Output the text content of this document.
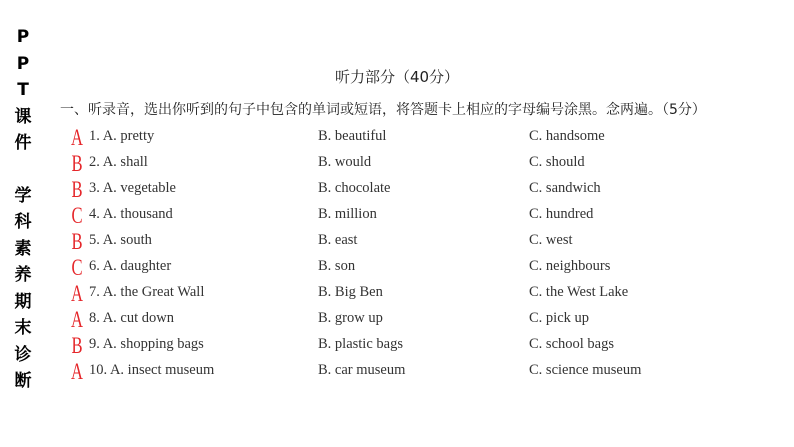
P
P
T
课
件
学
科
素
养
期
末
诊
断
听力部分（40分）
一、听录音，选出你听到的句子中包含的单词或短语，将答题卡上相应的字母编号涂黑。念两遍。（5分）
A 1. A. pretty	B. beautiful	C. handsome
B 2. A. shall	B. would	C. should
B 3. A. vegetable	B. chocolate	C. sandwich
C 4. A. thousand	B. million	C. hundred
B 5. A. south	B. east	C. west
C 6. A. daughter	B. son	C. neighbours
A 7. A. the Great Wall	B. Big Ben	C. the West Lake
A 8. A. cut down	B. grow up	C. pick up
B 9. A. shopping bags	B. plastic bags	C. school bags
A 10. A. insect museum	B. car museum	C. science museum
